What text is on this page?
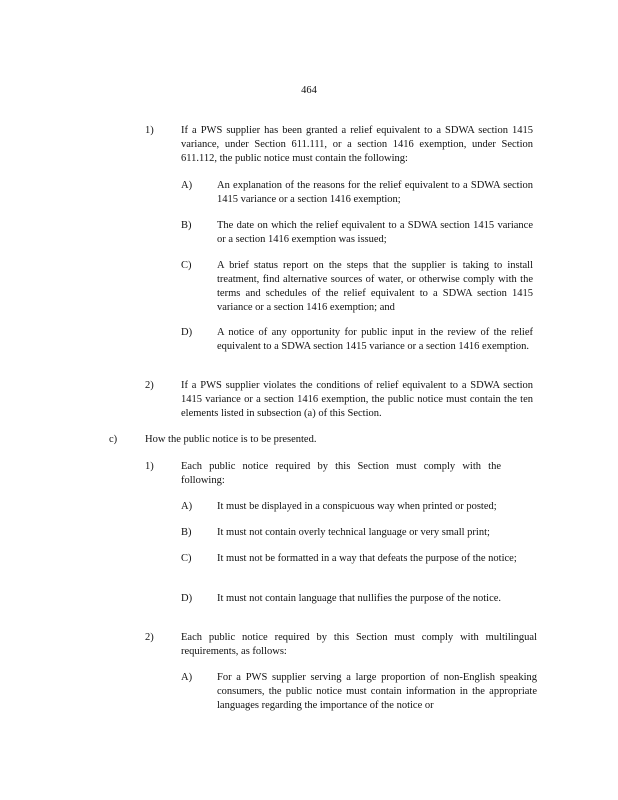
464
1)	If a PWS supplier has been granted a relief equivalent to a SDWA section 1415 variance, under Section 611.111, or a section 1416 exemption, under Section 611.112, the public notice must contain the following:
A) An explanation of the reasons for the relief equivalent to a SDWA section 1415 variance or a section 1416 exemption;
B) The date on which the relief equivalent to a SDWA section 1415 variance or a section 1416 exemption was issued;
C) A brief status report on the steps that the supplier is taking to install treatment, find alternative sources of water, or otherwise comply with the terms and schedules of the relief equivalent to a SDWA section 1415 variance or a section 1416 exemption; and
D) A notice of any opportunity for public input in the review of the relief equivalent to a SDWA section 1415 variance or a section 1416 exemption.
2)	If a PWS supplier violates the conditions of relief equivalent to a SDWA section 1415 variance or a section 1416 exemption, the public notice must contain the ten elements listed in subsection (a) of this Section.
c)	How the public notice is to be presented.
1)	Each public notice required by this Section must comply with the following:
A) It must be displayed in a conspicuous way when printed or posted;
B) It must not contain overly technical language or very small print;
C) It must not be formatted in a way that defeats the purpose of the notice;
D) It must not contain language that nullifies the purpose of the notice.
2)	Each public notice required by this Section must comply with multilingual requirements, as follows:
A) For a PWS supplier serving a large proportion of non-English speaking consumers, the public notice must contain information in the appropriate languages regarding the importance of the notice or
